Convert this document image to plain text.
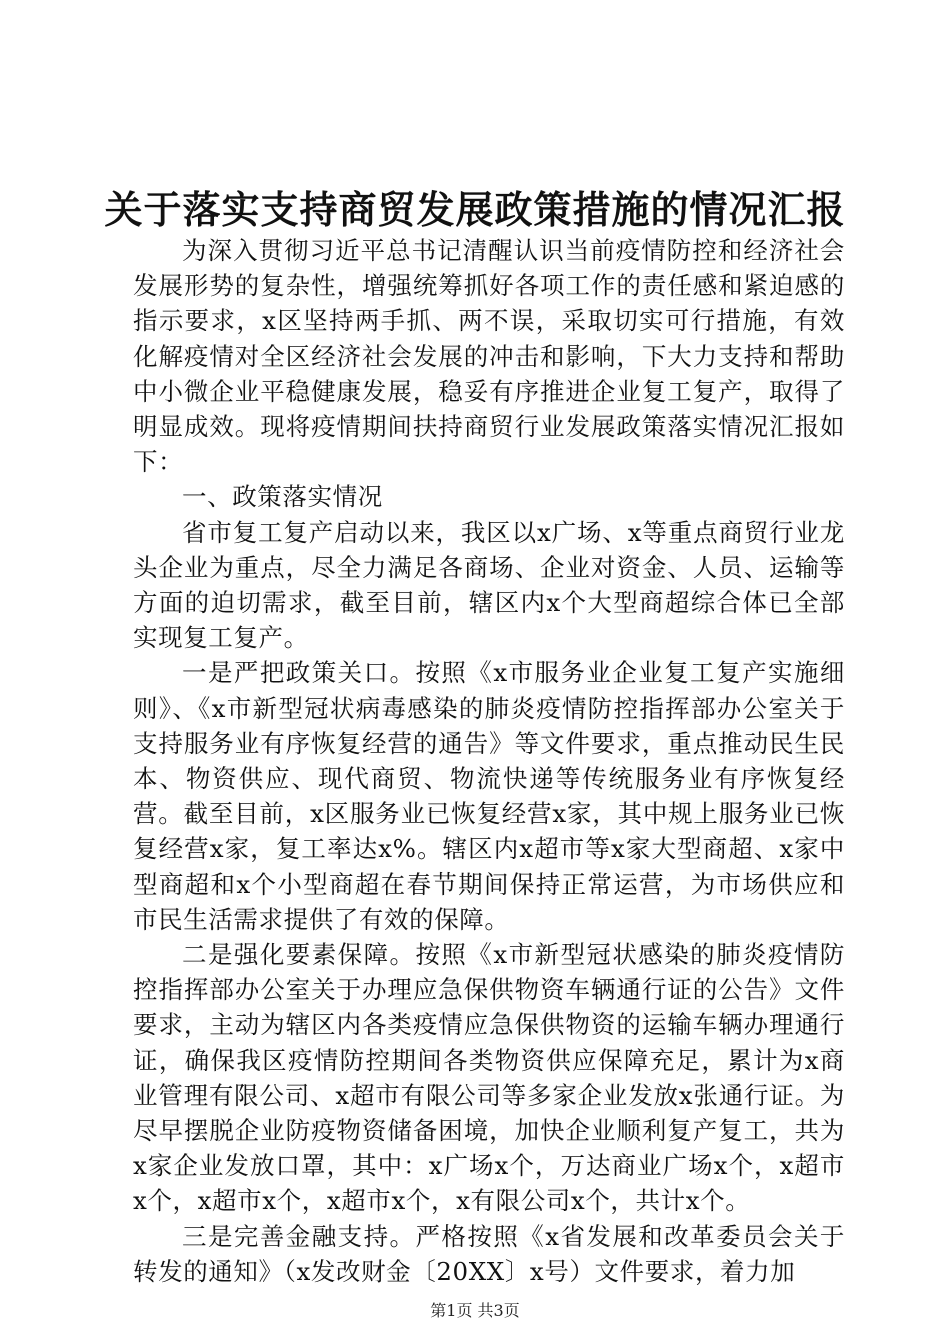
关于落实支持商贸发展政策措施的情况汇报

为深入贯彻习近平总书记清醒认识当前疫情防控和经济社会发展形势的复杂性，增强统筹抓好各项工作的责任感和紧迫感的指示要求，x区坚持两手抓、两不误，采取切实可行措施，有效化解疫情对全区经济社会发展的冲击和影响，下大力支持和帮助中小微企业平稳健康发展，稳妥有序推进企业复工复产，取得了明显成效。现将疫情期间扶持商贸行业发展政策落实情况汇报如下：

一、政策落实情况

省市复工复产启动以来，我区以x广场、x等重点商贸行业龙头企业为重点，尽全力满足各商场、企业对资金、人员、运输等方面的迫切需求，截至目前，辖区内x个大型商超综合体已全部实现复工复产。

一是严把政策关口。按照《x市服务业企业复工复产实施细则》、《x市新型冠状病毒感染的肺炎疫情防控指挥部办公室关于支持服务业有序恢复经营的通告》等文件要求，重点推动民生民本、物资供应、现代商贸、物流快递等传统服务业有序恢复经营。截至目前，x区服务业已恢复经营x家，其中规上服务业已恢复经营x家，复工率达x%。辖区内x超市等x家大型商超、x家中型商超和x个小型商超在春节期间保持正常运营，为市场供应和市民生活需求提供了有效的保障。

二是强化要素保障。按照《x市新型冠状感染的肺炎疫情防控指挥部办公室关于办理应急保供物资车辆通行证的公告》文件要求，主动为辖区内各类疫情应急保供物资的运输车辆办理通行证，确保我区疫情防控期间各类物资供应保障充足，累计为x商业管理有限公司、x超市有限公司等多家企业发放x张通行证。为尽早摆脱企业防疫物资储备困境，加快企业顺利复产复工，共为x家企业发放口罩，其中：x广场x个，万达商业广场x个，x超市x个，x超市x个，x超市x个，x有限公司x个，共计x个。

三是完善金融支持。严格按照《x省发展和改革委员会关于转发的通知》（x发改财金〔20XX〕x号）文件要求，着力加

第1页 共3页
